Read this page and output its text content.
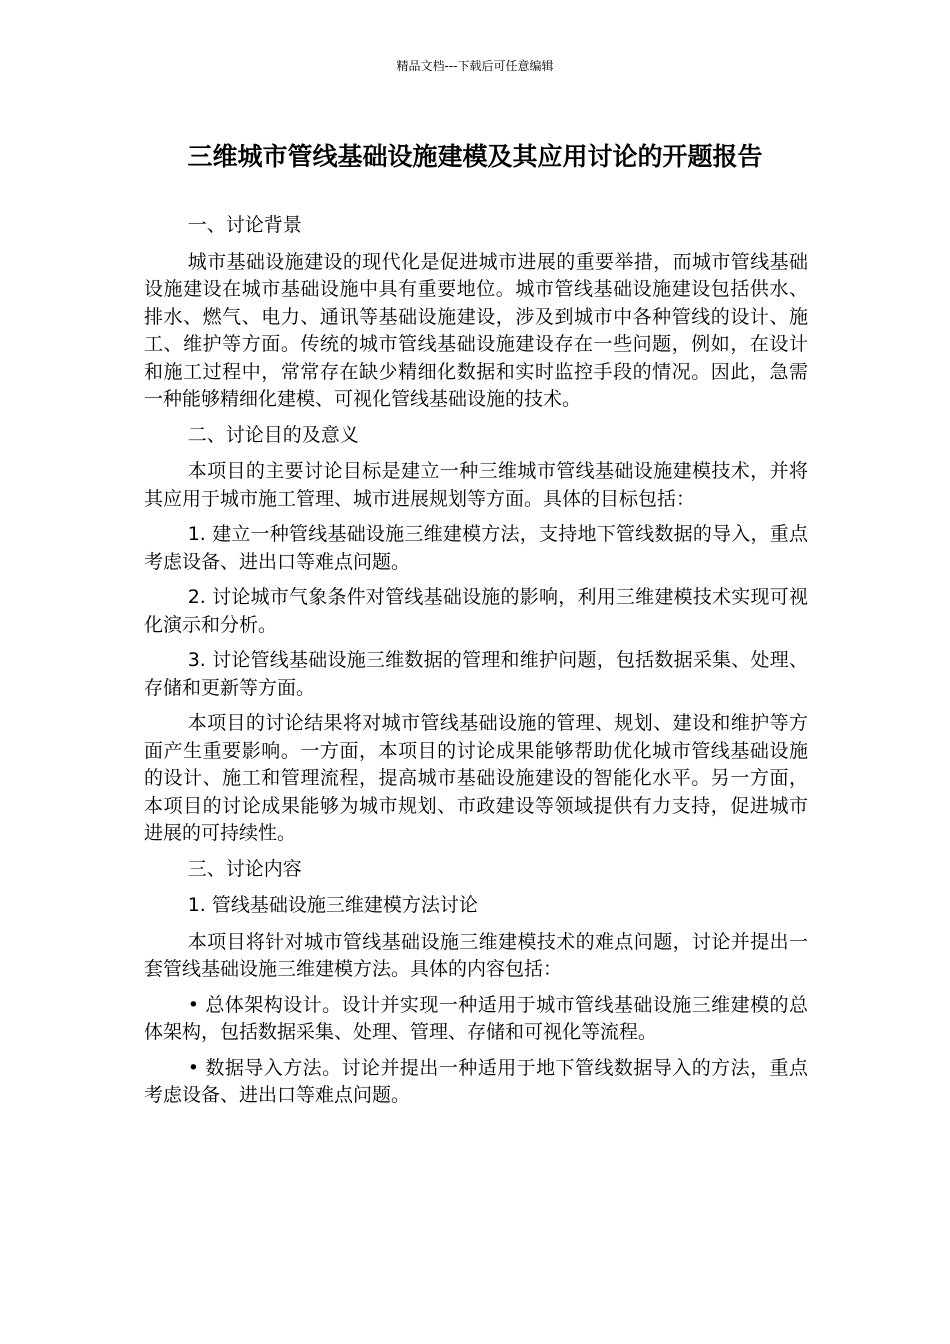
精品文档---下载后可任意编辑
三维城市管线基础设施建模及其应用讨论的开题报告

一、讨论背景

城市基础设施建设的现代化是促进城市进展的重要举措，而城市管线基础设施建设在城市基础设施中具有重要地位。城市管线基础设施建设包括供水、排水、燃气、电力、通讯等基础设施建设，涉及到城市中各种管线的设计、施工、维护等方面。传统的城市管线基础设施建设存在一些问题，例如，在设计和施工过程中，常常存在缺少精细化数据和实时监控手段的情况。因此，急需一种能够精细化建模、可视化管线基础设施的技术。

二、讨论目的及意义

本项目的主要讨论目标是建立一种三维城市管线基础设施建模技术，并将其应用于城市施工管理、城市进展规划等方面。具体的目标包括：

1. 建立一种管线基础设施三维建模方法，支持地下管线数据的导入，重点考虑设备、进出口等难点问题。

2. 讨论城市气象条件对管线基础设施的影响，利用三维建模技术实现可视化演示和分析。

3. 讨论管线基础设施三维数据的管理和维护问题，包括数据采集、处理、存储和更新等方面。

本项目的讨论结果将对城市管线基础设施的管理、规划、建设和维护等方面产生重要影响。一方面，本项目的讨论成果能够帮助优化城市管线基础设施的设计、施工和管理流程，提高城市基础设施建设的智能化水平。另一方面，本项目的讨论成果能够为城市规划、市政建设等领域提供有力支持，促进城市进展的可持续性。

三、讨论内容

1. 管线基础设施三维建模方法讨论

本项目将针对城市管线基础设施三维建模技术的难点问题，讨论并提出一套管线基础设施三维建模方法。具体的内容包括：

• 总体架构设计。设计并实现一种适用于城市管线基础设施三维建模的总体架构，包括数据采集、处理、管理、存储和可视化等流程。

• 数据导入方法。讨论并提出一种适用于地下管线数据导入的方法，重点考虑设备、进出口等难点问题。
